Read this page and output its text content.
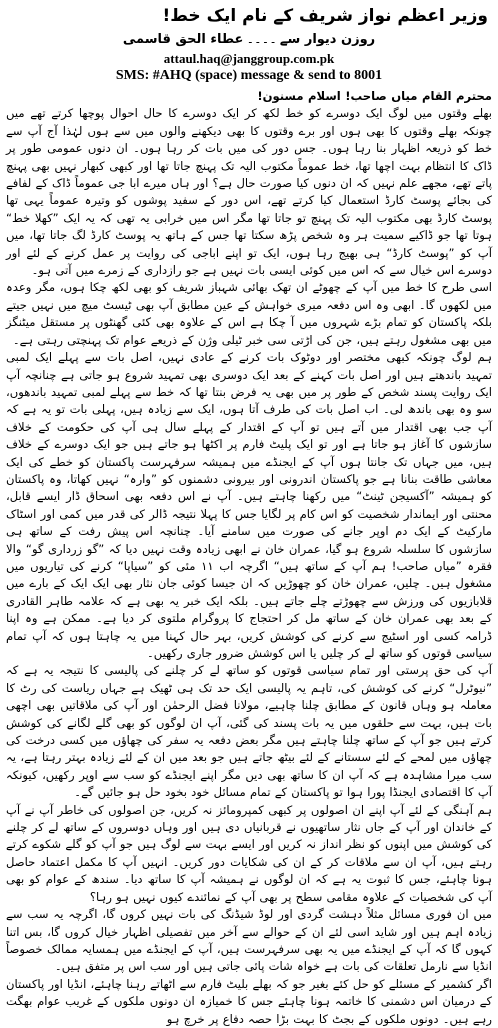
وزیر اعظم نواز شریف کے نام ایک خط!
روزن دیوار سے۔۔۔۔عطاء الحق قاسمی
attaul.haq@janggroup.com.pk
SMS: #AHQ (space) message & send to 8001

محترم القام میاں صاحب! اسلام مسنون!

بھلے وقتوں میں لوگ ایک دوسرے کو خط لکھ کر ایک دوسرے کا حال احوال پوچھا کرتے تھے میں چونکہ بھلے وقتوں کا بھی ہوں اور برے وقتوں کا بھی دیکھنے والوں میں سے ہوں لہٰذا آج آپ سے خط کو ذریعہ اظہار بنا رہا ہوں۔ جس دور کی میں بات کر رہا ہوں۔ ان دنوں عمومی طور پر ڈاک کا انتظام بہت اچھا تھا، خط عموماً مکتوب الیہ تک پہنچ جاتا تھا اور کبھی کبھار نہیں بھی پہنچ پاتے تھے، مجھے علم نہیں کہ ان دنوں کیا صورت حال ہے؟ اور ہاں میرے ابا جی عموماً ڈاک کے لفافے کی بجائے پوسٹ کارڈ استعمال کیا کرتے تھے، اس دور کے سفید پوشوں کو وتیرہ عموماً یہی تھا پوسٹ کارڈ بھی مکتوب الیہ تک پہنچ تو جاتا تھا مگر اس میں خرابی یہ تھی کہ یہ ایک ”کھلا خط“ ہوتا تھا جو ڈاکیے سمیت ہر وہ شخص پڑھ سکتا تھا جس کے ہاتھ یہ پوسٹ کارڈ لگ جاتا تھا، میں آپ کو ”پوسٹ کارڈ“ ہی بھیج رہا ہوں، ایک تو اپنے اباجی کی روایت پر عمل کرنے کے لئے اور دوسرے اس خیال سے کہ اس میں کوئی ایسی بات نہیں ہے جو رازداری کے زمرے میں آتی ہو۔

اسی طرح کا خط میں آپ کے چھوٹے ان تھک بھائی شہباز شریف کو بھی لکھ چکا ہوں، مگر وعدہ میں لکھوں گا۔ ابھی وہ اس دفعہ میری خواہش کے عین مطابق آپ بھی ٹیسٹ میچ میں نہیں جیتے بلکہ پاکستان کو تمام بڑے شہروں میں آ چکا ہے اس کے علاوہ بھی کئی گھنٹوں پر مستقل میٹنگز میں بھی مشغول رہتے ہیں، جن کی اڑتی سی خبر ٹیلی وژن کے ذریعے عوام تک پہنچتی رہتی ہے۔

ہم لوگ چونکہ کبھی مختصر اور دوٹوک بات کرنے کے عادی نہیں، اصل بات سے پہلے ایک لمبی تمہید باندھتے ہیں اور اصل بات کہنے کے بعد ایک دوسری بھی تمہید شروع ہو جاتی ہے چنانچہ آپ ایک روایت پسند شخص کے طور پر میں بھی یہ فرض بنتا تھا کہ خط سے پہلے لمبی تمہید باندھوں، سو وہ بھی باندھ لی۔ اب اصل بات کی طرف آتا ہوں، ایک سے زیادہ ہیں، پہلی بات تو یہ ہے کہ آپ جب بھی اقتدار میں آتے ہیں تو آپ کے اقتدار کے پہلے سال ہی آپ کی حکومت کے خلاف سازشوں کا آغاز ہو جاتا ہے اور تو ایک پلیٹ فارم پر اکٹھا ہو جاتے ہیں جو ایک دوسرے کے خلاف ہیں، میں جہاں تک جانتا ہوں آپ کے ایجنڈے میں ہمیشہ سرفہرست پاکستان کو خطے کی ایک معاشی طاقت بنانا ہے جو پاکستان اندرونی اور بیرونی دشمنوں کو ”وارہ“ نہیں کھاتا، وہ پاکستان کو ہمیشہ ”آکسیجن ٹینٹ“ میں رکھنا چاہتے ہیں۔ آپ نے اس دفعہ بھی اسحاق ڈار ایسے قابل، محنتی اور ایماندار شخصیت کو اس کام پر لگایا جس کا پہلا نتیجہ ڈالر کی قدر میں کمی اور اسٹاک مارکیٹ کے ایک دم اوپر جانے کی صورت میں سامنے آیا۔ چنانچہ اس پیش رفت کے ساتھ ہی سازشوں کا سلسلہ شروع ہو گیا، عمران خان نے ابھی زیادہ وقت نہیں دیا کہ ”گو زرداری گو“ والا فقرہ ”میاں صاحب! ہم آپ کے ساتھ ہیں“ اگرچہ اب ۱۱ مئی کو ”سیاپا“ کرنے کی تیاریوں میں مشغول ہیں۔ چلیں، عمران خان کو چھوڑیں کہ ان جیسا کوئی جان نثار بھی ایک ایک کے بارے میں قلابازیوں کی ورزش سے چھوڑتے چلے جاتے ہیں۔ بلکہ ایک خبر یہ بھی ہے کہ علامہ طاہر القادری کے بعد بھی عمران خان کے ساتھ مل کر احتجاج کا پروگرام ملتوی کر دیا ہے۔ ممکن ہے وہ اپنا ڈرامہ کسی اور اسٹیج سے کرنے کی کوشش کریں، بہر حال کہنا میں یہ چاہتا ہوں کہ آپ تمام سیاسی قوتوں کو ساتھ لے کر چلیں یا اس کوشش ضرور جاری رکھیں۔

آپ کی حق پرستی اور تمام سیاسی قوتوں کو ساتھ لے کر چلنے کی پالیسی کا نتیجہ یہ ہے کہ ”نیوٹرل“ کرنے کی کوشش کی، تاہم یہ پالیسی ایک حد تک ہی ٹھیک ہے جہاں ریاست کی رٹ کا معاملہ ہو وہاں قانون کے مطابق چلنا چاہیے، مولانا فضل الرحمٰن اور آپ کی ملاقاتیں بھی اچھی بات ہیں، بہت سے حلقوں میں یہ بات پسند کی گئی، آپ ان لوگوں کو بھی گلے لگانے کی کوشش کرتے ہیں جو آپ کے ساتھ چلنا چاہتے ہیں مگر بعض دفعہ یہ سفر کی چھاؤں میں کسی درخت کی چھاؤں میں لمحے کے لئے سستانے کے لئے بیٹھ جاتے ہیں جو بعد میں ان کے لئے زیادہ بہتر رہتا ہے، یہ سب میرا مشاہدہ ہے کہ آپ ان کا ساتھ بھی دیں مگر اپنے ایجنڈے کو سب سے اوپر رکھیں، کیونکہ آپ کا اقتصادی ایجنڈا پورا ہوا تو پاکستان کے تمام مسائل خود بخود حل ہو جائیں گے۔

ہم آہنگی کے لئے آپ اپنے ان اصولوں پر کبھی کمپرومائز نہ کریں، جن اصولوں کی خاطر آپ نے آپ کے خاندان اور آپ کے جاں نثار ساتھیوں نے قربانیاں دی ہیں اور وہاں دوسروں کے ساتھ لے کر چلنے کی کوشش میں اپنوں کو نظر انداز نہ کریں اور ایسے بہت سے لوگ ہیں جو آپ کو گلے شکوے کرتے رہتے ہیں، آپ ان سے ملاقات کر کے ان کی شکایات دور کریں۔ انہیں آپ کا مکمل اعتماد حاصل ہونا چاہئے، جس کا ثبوت یہ ہے کہ ان لوگوں نے ہمیشہ آپ کا ساتھ دیا۔ سندھ کے عوام کو بھی آپ کی شخصیات کے علاوہ مقامی سطح پر بھی آپ کے نمائندے کیوں نہیں ہو رہا؟

میں ان فوری مسائل مثلاً دہشت گردی اور لوڈ شیڈنگ کی بات نہیں کروں گا، اگرچہ یہ سب سے زیادہ اہم ہیں اور شاید اسی لئے ان کے حوالے سے آخر میں تفصیلی اظہار خیال کروں گا، بس اتنا کہوں گا کہ آپ کے ایجنڈے میں یہ بھی سرفہرست ہیں، آپ کے ایجنڈے میں ہمسایہ ممالک خصوصاً انڈیا سے نارمل تعلقات کی بات ہے خواہ شات پائی جاتی ہیں اور سب اس پر متفق ہیں۔

اگر کشمیر کے مسئلے کو حل کئے بغیر جو کہ بھلے بلیٹ فارم سے اٹھاتے رہنا چاہئے، انڈیا اور پاکستان کے درمیان اس دشمنی کا خاتمہ ہونا چاہئے جس کا خمیازہ ان دونوں ملکوں کے غریب عوام بھگت رہے ہیں۔ دونوں ملکوں کے بجٹ کا بہت بڑا حصہ دفاع پر خرچ ہو
